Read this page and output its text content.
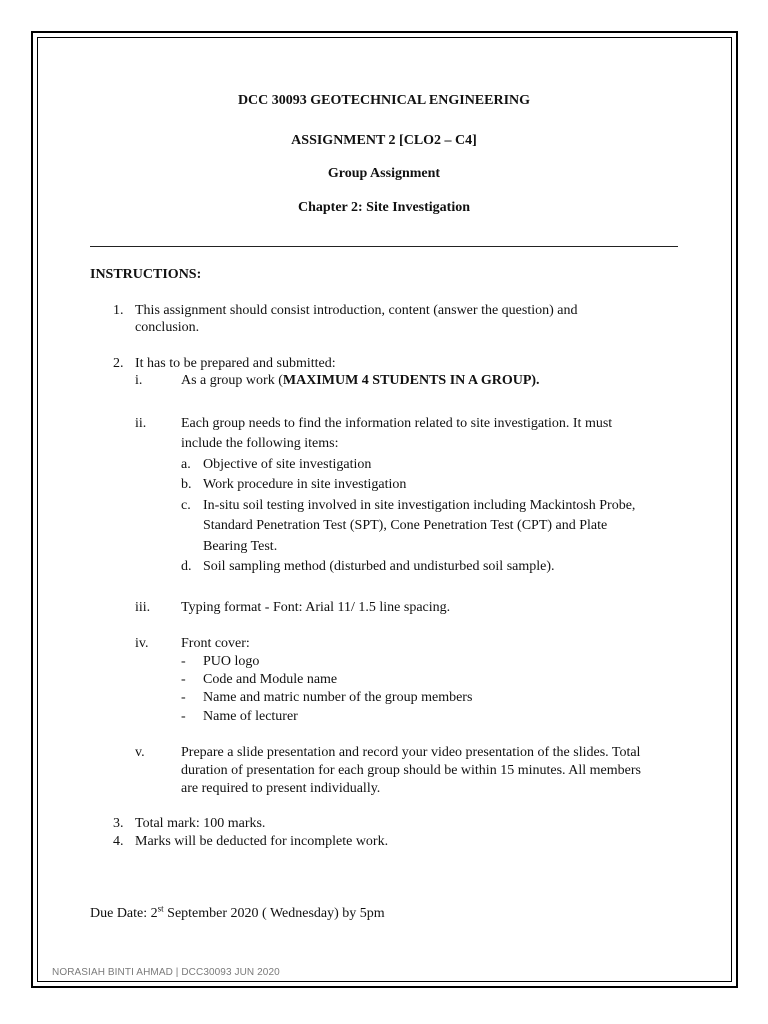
DCC 30093 GEOTECHNICAL ENGINEERING
ASSIGNMENT 2 [CLO2 – C4]
Group Assignment
Chapter 2: Site Investigation
INSTRUCTIONS:
1. This assignment should consist introduction, content (answer the question) and
conclusion.
2. It has to be prepared and submitted:
i.	As a group work (MAXIMUM 4 STUDENTS IN A GROUP).
ii. Each group needs to find the information related to site investigation. It must
include the following items:
a. Objective of site investigation
b. Work procedure in site investigation
c. In-situ soil testing involved in site investigation including Mackintosh Probe,
Standard Penetration Test (SPT), Cone Penetration Test (CPT) and Plate
Bearing Test.
d. Soil sampling method (disturbed and undisturbed soil sample).
iii. Typing format - Font: Arial 11/ 1.5 line spacing.
iv. Front cover:
- PUO logo
- Code and Module name
- Name and matric number of the group members
- Name of lecturer
v.	Prepare a slide presentation and record your video presentation of the slides. Total
duration of presentation for each group should be within 15 minutes. All members
are required to present individually.
3. Total mark: 100 marks.
4. Marks will be deducted for incomplete work.
Due Date: 2st September 2020 ( Wednesday) by 5pm
NORASIAH BINTI AHMAD | DCC30093 JUN 2020
